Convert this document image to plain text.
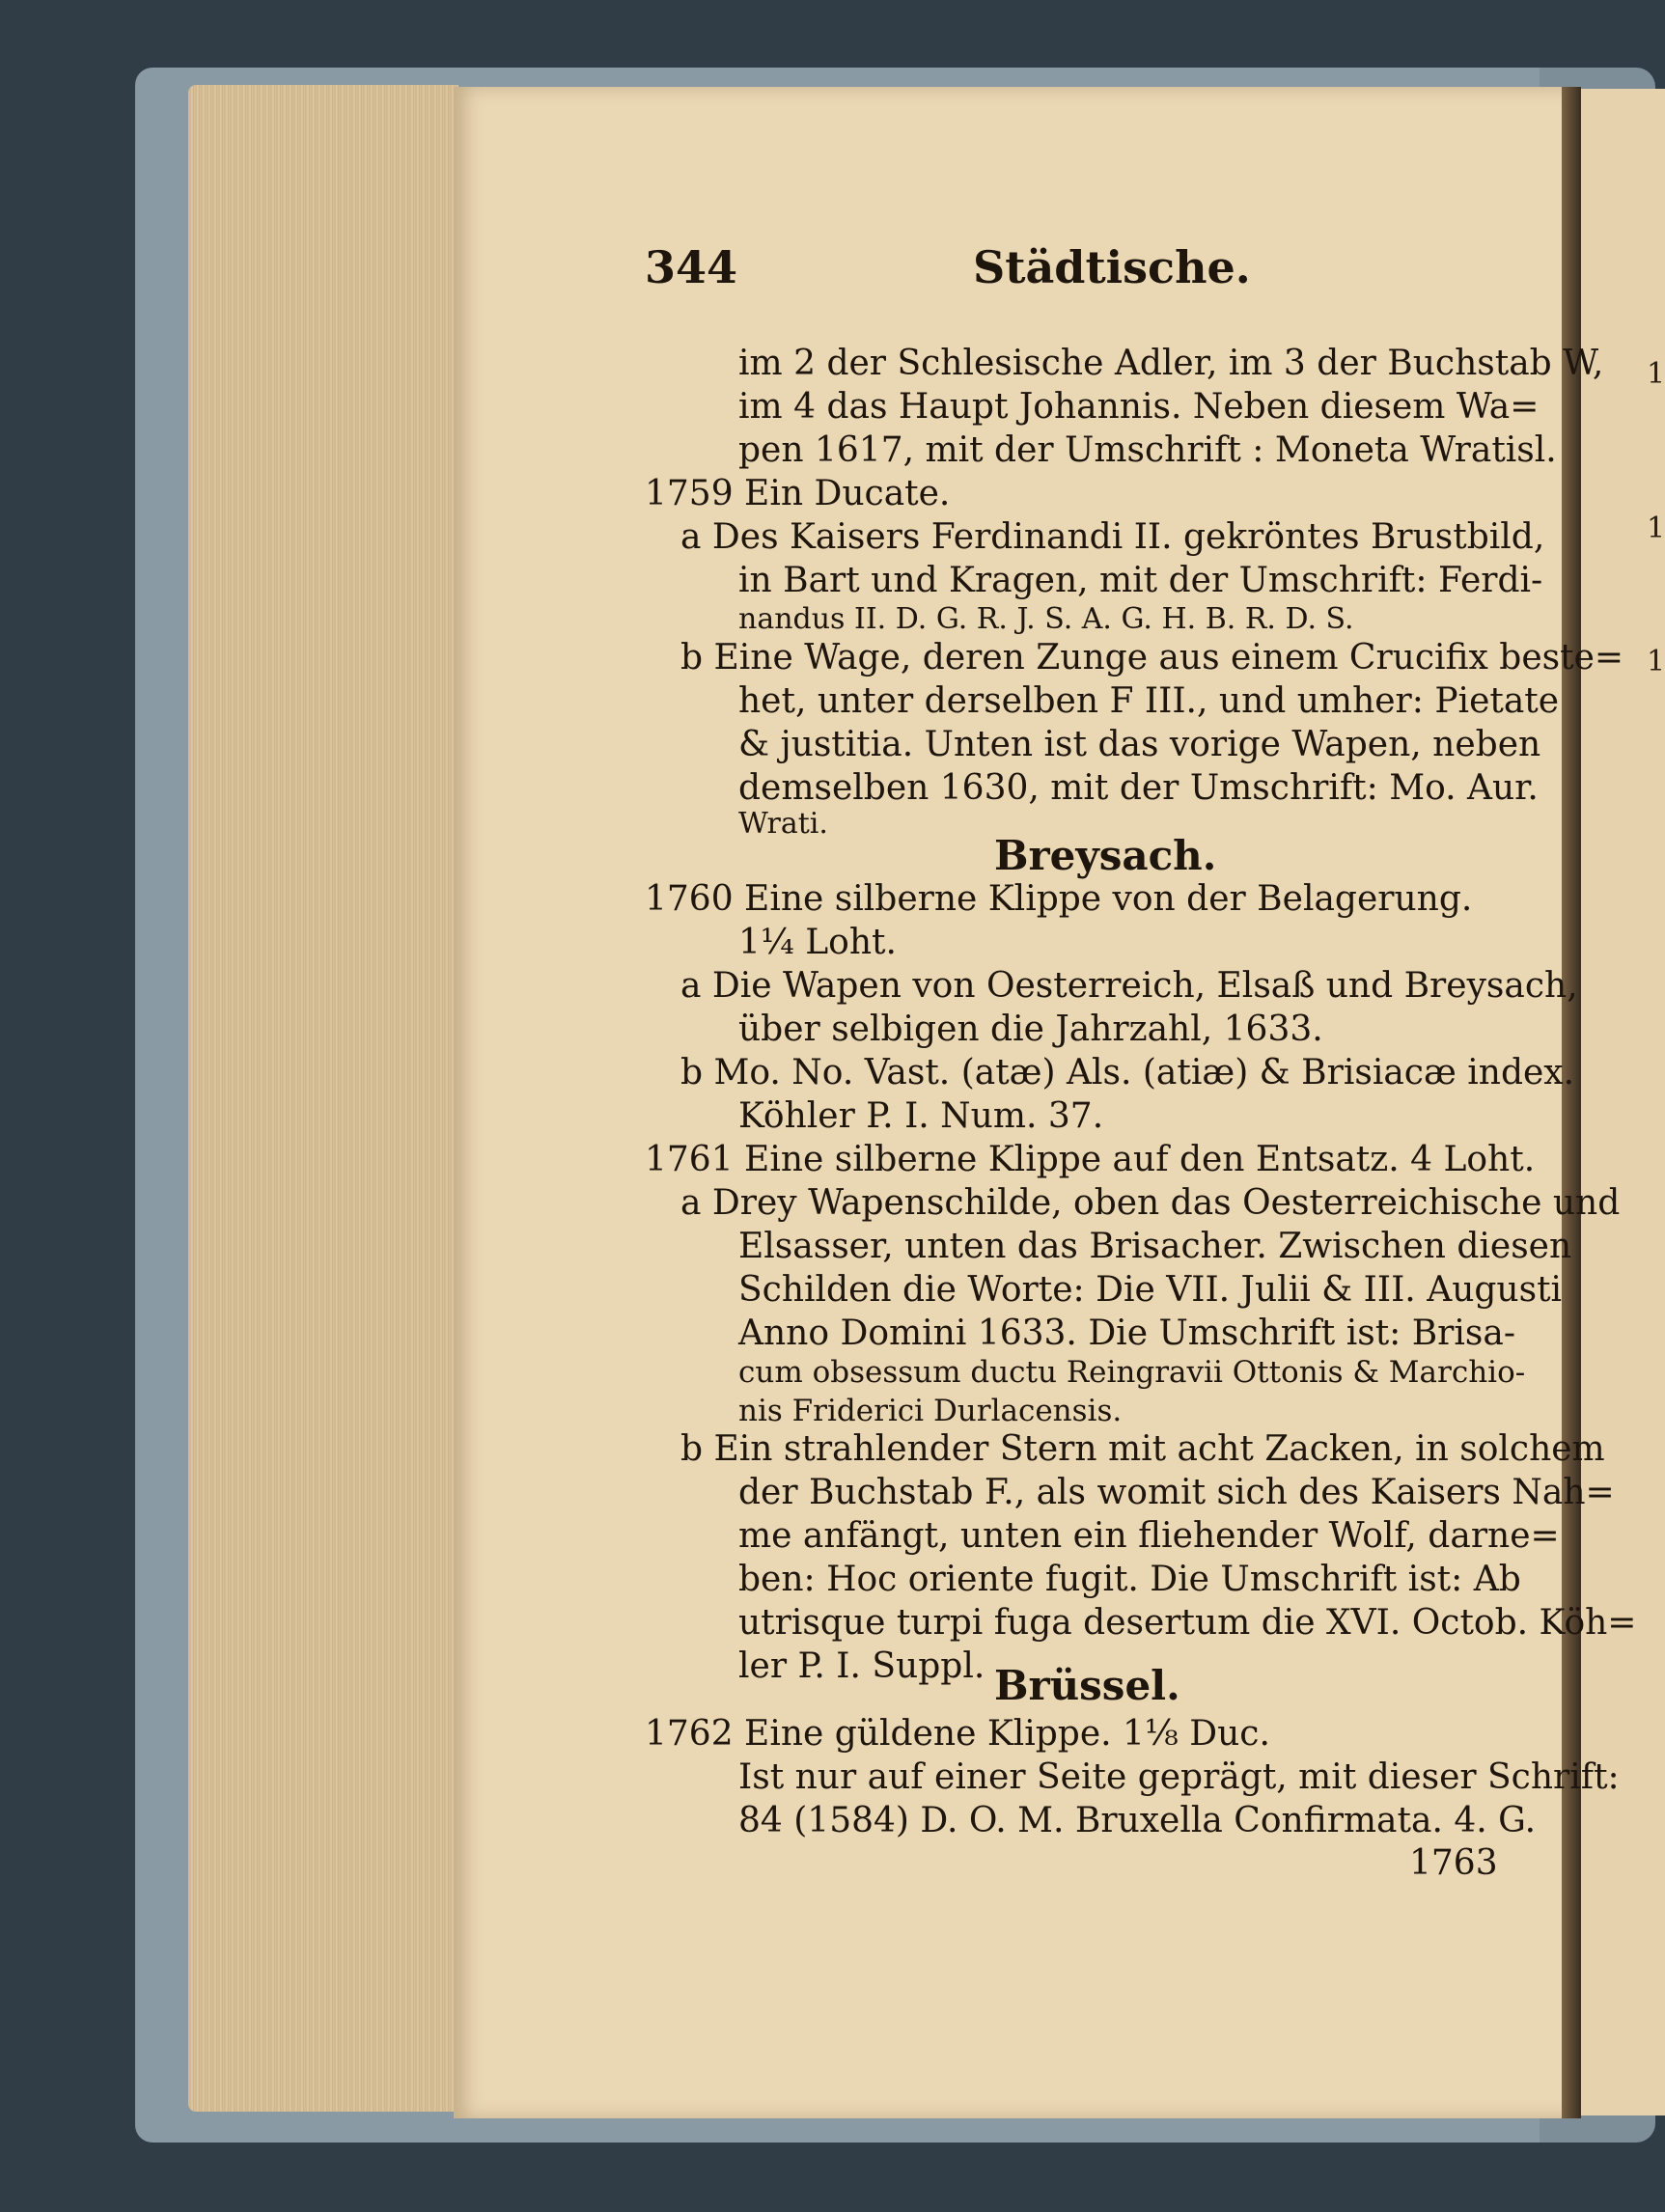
1
1
1
344	Städtische.
im 2 der Schlesische Adler, im 3 der Buchstab W,
im 4 das Haupt Johannis. Neben diesem Wa=
pen 1617, mit der Umschrift : Moneta Wratisl.
1759 Ein Ducate.
a Des Kaisers Ferdinandi II. gekröntes Brustbild,
in Bart und Kragen, mit der Umschrift: Ferdi-
nandus II. D. G. R. J. S. A. G. H. B. R. D. S.
b Eine Wage, deren Zunge aus einem Crucifix beste=
het, unter derselben F III., und umher: Pietate
& justitia. Unten ist das vorige Wapen, neben
demselben 1630, mit der Umschrift: Mo. Aur.
Wrati.
Breysach.
1760 Eine silberne Klippe von der Belagerung.
1¼ Loht.
a Die Wapen von Oesterreich, Elsaß und Breysach,
über selbigen die Jahrzahl, 1633.
b Mo. No. Vast. (atæ) Als. (atiæ) & Brisiacæ index.
Köhler P. I. Num. 37.
1761 Eine silberne Klippe auf den Entsatz. 4 Loht.
a Drey Wapenschilde, oben das Oesterreichische und
Elsasser, unten das Brisacher. Zwischen diesen
Schilden die Worte: Die VII. Julii & III. Augusti
Anno Domini 1633. Die Umschrift ist: Brisa-
cum obsessum ductu Reingravii Ottonis & Marchio-
nis Friderici Durlacensis.
b Ein strahlender Stern mit acht Zacken, in solchem
der Buchstab F., als womit sich des Kaisers Nah=
me anfängt, unten ein fliehender Wolf, darne=
ben: Hoc oriente fugit. Die Umschrift ist: Ab
utrisque turpi fuga desertum die XVI. Octob. Köh=
ler P. I. Suppl. Brüssel.
1762 Eine güldene Klippe. 1⅛ Duc.
Ist nur auf einer Seite geprägt, mit dieser Schrift:
84 (1584) D. O. M. Bruxella Confirmata. 4. G.
1763
